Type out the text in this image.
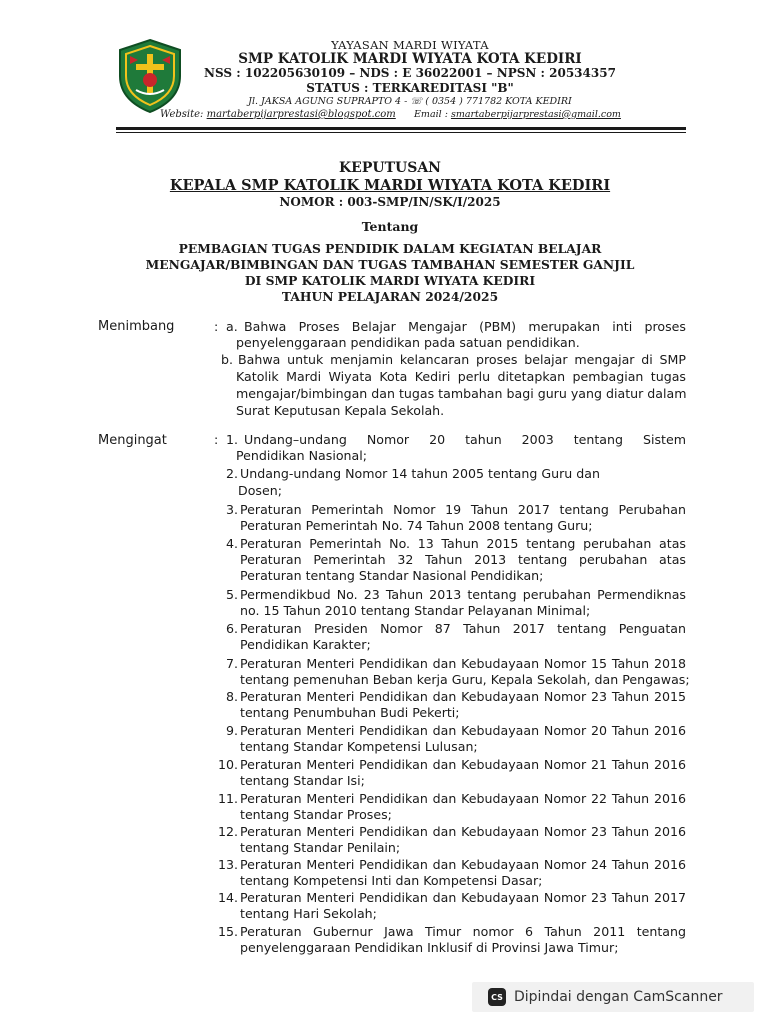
YAYASAN MARDI WIYATA
SMP KATOLIK MARDI WIYATA KOTA KEDIRI
NSS : 102205630109 – NDS : E 36022001 – NPSN : 20534357
STATUS : TERKAREDITASI "B"
Jl. JAKSA AGUNG SUPRAPTO 4 - ☏ ( 0354 ) 771782 KOTA KEDIRI
Website: martaberpijarprestasi@blogspot.com Email : smartaberpijarprestasi@gmail.com
KEPUTUSAN
KEPALA SMP KATOLIK MARDI WIYATA KOTA KEDIRI
NOMOR : 003-SMP/IN/SK/I/2025
Tentang
PEMBAGIAN TUGAS PENDIDIK DALAM KEGIATAN BELAJAR
MENGAJAR/BIMBINGAN DAN TUGAS TAMBAHAN SEMESTER GANJIL
DI SMP KATOLIK MARDI WIYATA KEDIRI
TAHUN PELAJARAN 2024/2025
Menimbang	: a. Bahwa Proses Belajar Mengajar (PBM) merupakan inti proses
penyelenggaraan pendidikan pada satuan pendidikan.
b. Bahwa untuk menjamin kelancaran proses belajar mengajar di SMP
Katolik Mardi Wiyata Kota Kediri perlu ditetapkan pembagian tugas
mengajar/bimbingan dan tugas tambahan bagi guru yang diatur dalam
Surat Keputusan Kepala Sekolah.
Mengingat	: 1. Undang–undang Nomor 20 tahun 2003 tentang Sistem
Pendidikan Nasional;
2. Undang-undang Nomor 14 tahun 2005 tentang Guru dan
Dosen;
3. Peraturan Pemerintah Nomor 19 Tahun 2017 tentang Perubahan
Peraturan Pemerintah No. 74 Tahun 2008 tentang Guru;
4. Peraturan Pemerintah No. 13 Tahun 2015 tentang perubahan atas
Peraturan Pemerintah 32 Tahun 2013 tentang perubahan atas
Peraturan tentang Standar Nasional Pendidikan;
5. Permendikbud No. 23 Tahun 2013 tentang perubahan Permendiknas
no. 15 Tahun 2010 tentang Standar Pelayanan Minimal;
6. Peraturan Presiden Nomor 87 Tahun 2017 tentang Penguatan
Pendidikan Karakter;
7. Peraturan Menteri Pendidikan dan Kebudayaan Nomor 15 Tahun 2018
tentang pemenuhan Beban kerja Guru, Kepala Sekolah, dan Pengawas;
8. Peraturan Menteri Pendidikan dan Kebudayaan Nomor 23 Tahun 2015
tentang Penumbuhan Budi Pekerti;
9. Peraturan Menteri Pendidikan dan Kebudayaan Nomor 20 Tahun 2016
tentang Standar Kompetensi Lulusan;
10. Peraturan Menteri Pendidikan dan Kebudayaan Nomor 21 Tahun 2016
tentang Standar Isi;
11. Peraturan Menteri Pendidikan dan Kebudayaan Nomor 22 Tahun 2016
tentang Standar Proses;
12. Peraturan Menteri Pendidikan dan Kebudayaan Nomor 23 Tahun 2016
tentang Standar Penilain;
13. Peraturan Menteri Pendidikan dan Kebudayaan Nomor 24 Tahun 2016
tentang Kompetensi Inti dan Kompetensi Dasar;
14. Peraturan Menteri Pendidikan dan Kebudayaan Nomor 23 Tahun 2017
tentang Hari Sekolah;
15. Peraturan Gubernur Jawa Timur nomor 6 Tahun 2011 tentang
penyelenggaraan Pendidikan Inklusif di Provinsi Jawa Timur;
CS Dipindai dengan CamScanner
